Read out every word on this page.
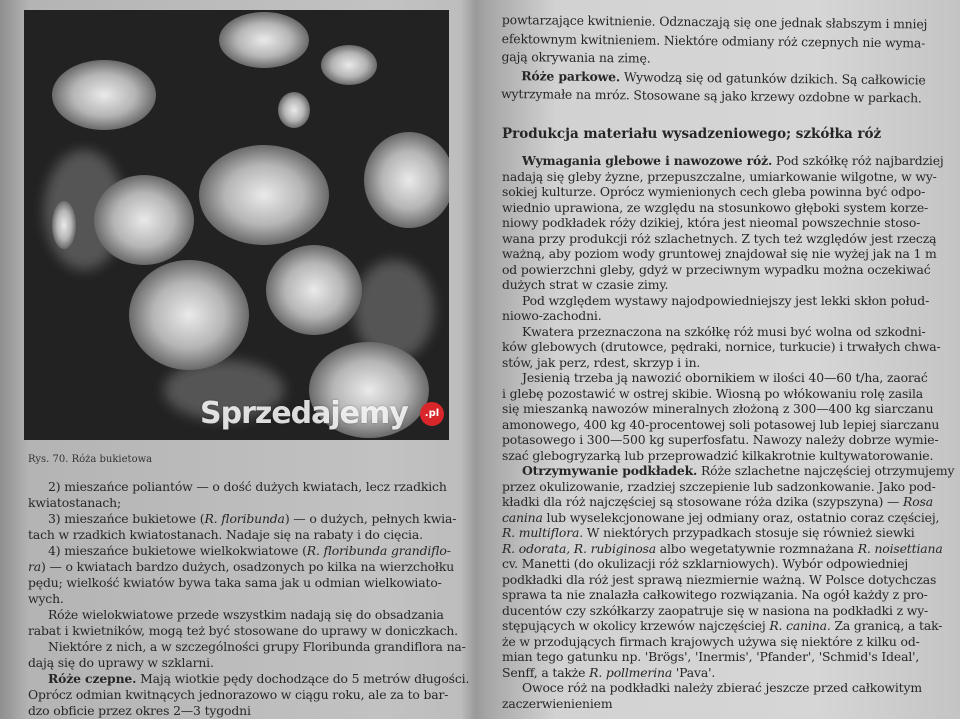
Rys. 70. Róża bukietowa
2) mieszańce poliantów — o dość dużych kwiatach, lecz rzadkich
kwiatostanach;
3) mieszańce bukietowe (R. floribunda) — o dużych, pełnych kwia-
tach w rzadkich kwiatostanach. Nadaje się na rabaty i do cięcia.
4) mieszańce bukietowe wielkokwiatowe (R. floribunda grandiflo-
ra) — o kwiatach bardzo dużych, osadzonych po kilka na wierzchołku
pędu; wielkość kwiatów bywa taka sama jak u odmian wielkowiato-
wych.
Róże wielokwiatowe przede wszystkim nadają się do obsadzania
rabat i kwietników, mogą też być stosowane do uprawy w doniczkach.
Niektóre z nich, a w szczególności grupy Floribunda grandiflora na-
dają się do uprawy w szklarni.
Róże czepne. Mają wiotkie pędy dochodzące do 5 metrów długości.
Oprócz odmian kwitnących jednorazowo w ciągu roku, ale za to bar-
dzo obficie przez okres 2—3 tygodni
powtarzające kwitnienie. Odznaczają się one jednak słabszym i mniej
efektownym kwitnieniem. Niektóre odmiany róż czepnych nie wyma-
gają okrywania na zimę.
Róże parkowe. Wywodzą się od gatunków dzikich. Są całkowicie
wytrzymałe na mróz. Stosowane są jako krzewy ozdobne w parkach.
Produkcja materiału wysadzeniowego; szkółka róż
Wymagania glebowe i nawozowe róż. Pod szkółkę róż najbardziej
nadają się gleby żyzne, przepuszczalne, umiarkowanie wilgotne, w wy-
sokiej kulturze. Oprócz wymienionych cech gleba powinna być odpo-
wiednio uprawiona, ze względu na stosunkowo głęboki system korze-
niowy podkładek róży dzikiej, która jest nieomal powszechnie stoso-
wana przy produkcji róż szlachetnych. Z tych też względów jest rzeczą
ważną, aby poziom wody gruntowej znajdował się nie wyżej jak na 1 m
od powierzchni gleby, gdyż w przeciwnym wypadku można oczekiwać
dużych strat w czasie zimy.
Pod względem wystawy najodpowiedniejszy jest lekki skłon połud-
niowo-zachodni.
Kwatera przeznaczona na szkółkę róż musi być wolna od szkodni-
ków glebowych (drutowce, pędraki, nornice, turkucie) i trwałych chwa-
stów, jak perz, rdest, skrzyp i in.
Jesienią trzeba ją nawozić obornikiem w ilości 40—60 t/ha, zaorać
i glebę pozostawić w ostrej skibie. Wiosną po włókowaniu rolę zasila
się mieszanką nawozów mineralnych złożoną z 300—400 kg siarczanu
amonowego, 400 kg 40-procentowej soli potasowej lub lepiej siarczanu
potasowego i 300—500 kg superfosfatu. Nawozy należy dobrze wymie-
szać glebogryzarką lub przeprowadzić kilkakrotnie kultywatorowanie.
Otrzymywanie podkładek. Róże szlachetne najczęściej otrzymujemy
przez okulizowanie, rzadziej szczepienie lub sadzonkowanie. Jako pod-
kładki dla róż najczęściej są stosowane róża dzika (szypszyna) — Rosa
canina lub wyselekcjonowane jej odmiany oraz, ostatnio coraz częściej,
R. multiflora. W niektórych przypadkach stosuje się również siewki
R. odorata, R. rubiginosa albo wegetatywnie rozmnażana R. noisettiana
cv. Manetti (do okulizacji róż szklarniowych). Wybór odpowiedniej
podkładki dla róż jest sprawą niezmiernie ważną. W Polsce dotychczas
sprawa ta nie znalazła całkowitego rozwiązania. Na ogół każdy z pro-
ducentów czy szkółkarzy zaopatruje się w nasiona na podkładki z wy-
stępujących w okolicy krzewów najczęściej R. canina. Za granicą, a tak-
że w przodujących firmach krajowych używa się niektóre z kilku od-
mian tego gatunku np. 'Brögs', 'Inermis', 'Pfander', 'Schmid's Ideal',
Senff, a także R. pollmerina 'Pava'.
Owoce róż na podkładki należy zbierać jeszcze przed całkowitym
zaczerwienieniem
Sprzedajemy	.pl
